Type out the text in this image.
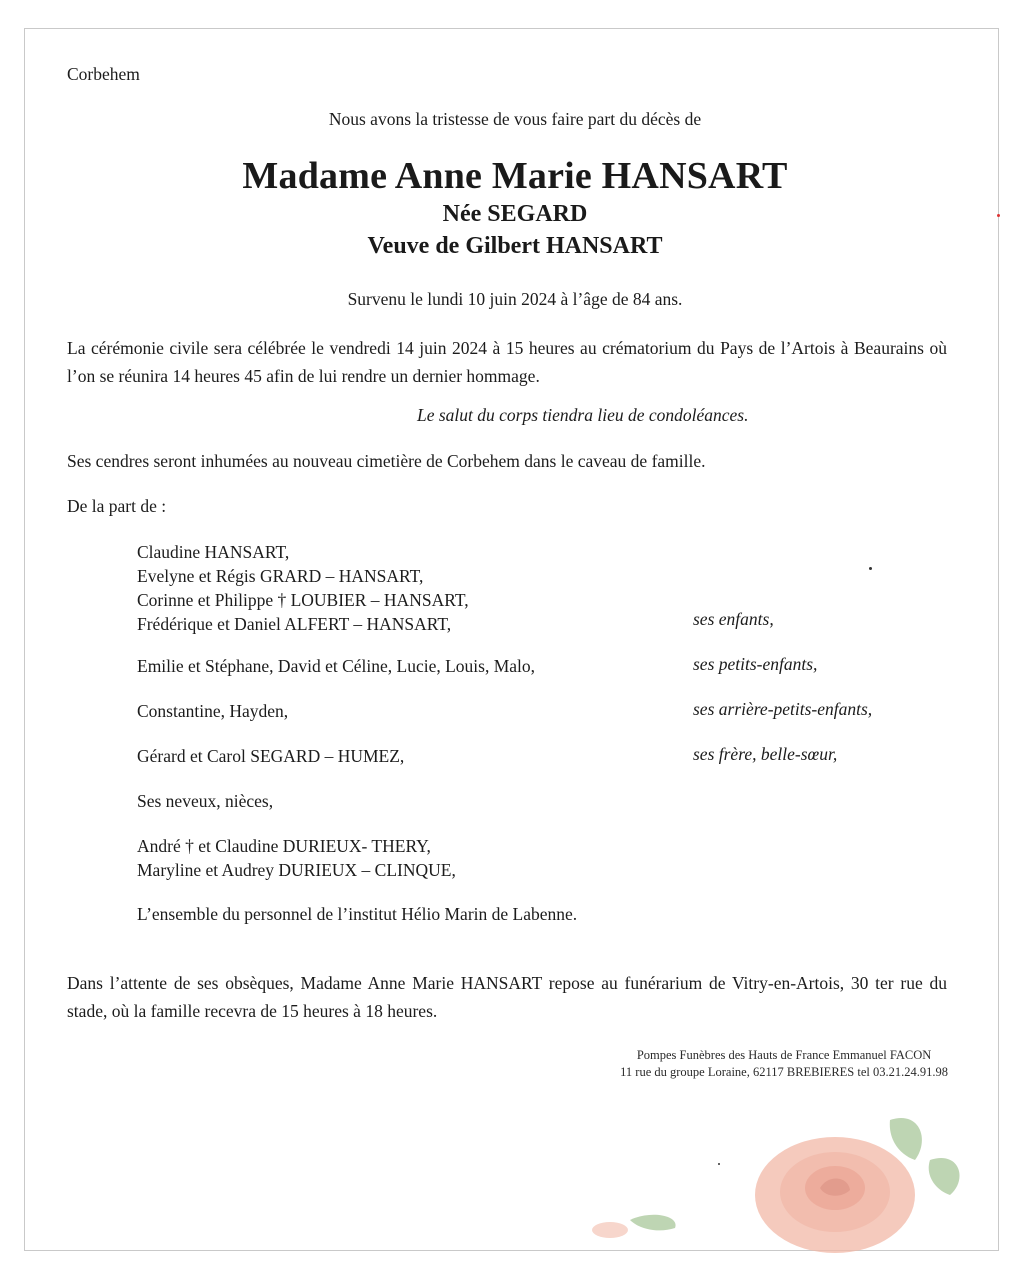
Corbehem
Nous avons la tristesse de vous faire part du décès de
Madame Anne Marie HANSART
Née SEGARD
Veuve de Gilbert HANSART
Survenu le lundi 10 juin 2024 à l’âge de 84 ans.
La cérémonie civile sera célébrée le vendredi 14 juin 2024 à 15 heures au crématorium du Pays de l’Artois à Beaurains où l’on se réunira 14 heures 45 afin de lui rendre un dernier hommage.
Le salut du corps tiendra lieu de condoléances.
Ses cendres seront inhumées au nouveau cimetière de Corbehem dans le caveau de famille.
De la part de :
Claudine HANSART,
Evelyne et Régis GRARD – HANSART,
Corinne et Philippe † LOUBIER – HANSART,
Frédérique et Daniel ALFERT – HANSART,	ses enfants,
Emilie et Stéphane, David et Céline, Lucie, Louis, Malo,	ses petits-enfants,
Constantine, Hayden,	ses arrière-petits-enfants,
Gérard et Carol SEGARD – HUMEZ,	ses frère, belle-sœur,
Ses neveux, nièces,
André † et Claudine DURIEUX- THERY,
Maryline et Audrey DURIEUX – CLINQUE,
L’ensemble du personnel de l’institut Hélio Marin de Labenne.
Dans l’attente de ses obsèques, Madame Anne Marie HANSART repose au funérarium de Vitry-en-Artois, 30 ter rue du stade, où la famille recevra de 15 heures à 18 heures.
Pompes Funèbres des Hauts de France Emmanuel FACON
11 rue du groupe Loraine, 62117 BREBIERES tel 03.21.24.91.98
